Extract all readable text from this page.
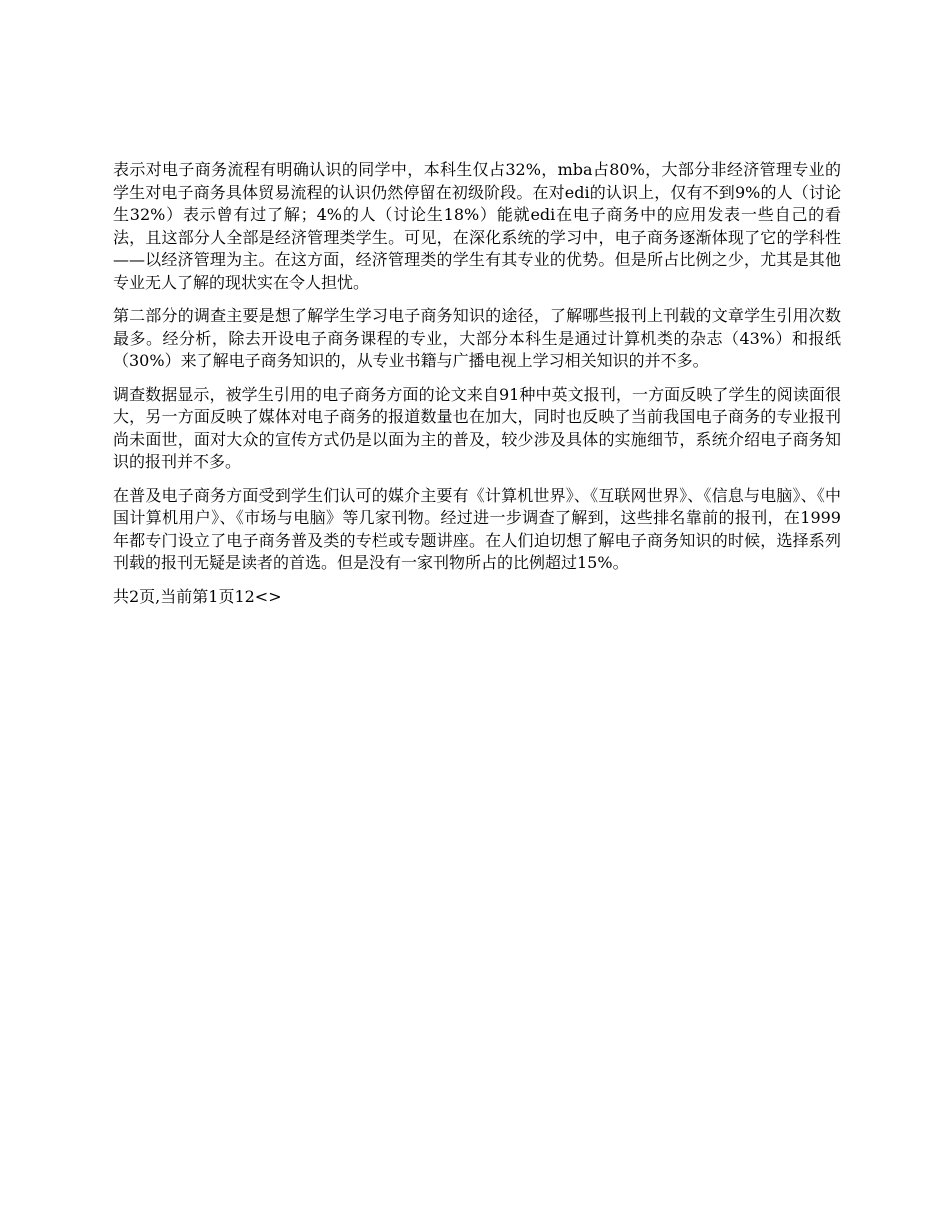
表示对电子商务流程有明确认识的同学中，本科生仅占32%，mba占80%，大部分非经济管理专业的学生对电子商务具体贸易流程的认识仍然停留在初级阶段。在对edi的认识上，仅有不到9%的人（讨论生32%）表示曾有过了解；4%的人（讨论生18%）能就edi在电子商务中的应用发表一些自己的看法，且这部分人全部是经济管理类学生。可见，在深化系统的学习中，电子商务逐渐体现了它的学科性——以经济管理为主。在这方面，经济管理类的学生有其专业的优势。但是所占比例之少，尤其是其他专业无人了解的现状实在令人担忧。

第二部分的调查主要是想了解学生学习电子商务知识的途径，了解哪些报刊上刊载的文章学生引用次数最多。经分析，除去开设电子商务课程的专业，大部分本科生是通过计算机类的杂志（43%）和报纸（30%）来了解电子商务知识的，从专业书籍与广播电视上学习相关知识的并不多。

调查数据显示，被学生引用的电子商务方面的论文来自91种中英文报刊，一方面反映了学生的阅读面很大，另一方面反映了媒体对电子商务的报道数量也在加大，同时也反映了当前我国电子商务的专业报刊尚未面世，面对大众的宣传方式仍是以面为主的普及，较少涉及具体的实施细节，系统介绍电子商务知识的报刊并不多。

在普及电子商务方面受到学生们认可的媒介主要有《计算机世界》、《互联网世界》、《信息与电脑》、《中国计算机用户》、《市场与电脑》等几家刊物。经过进一步调查了解到，这些排名靠前的报刊，在1999年都专门设立了电子商务普及类的专栏或专题讲座。在人们迫切想了解电子商务知识的时候，选择系列刊载的报刊无疑是读者的首选。但是没有一家刊物所占的比例超过15%。

共2页,当前第1页12<>
